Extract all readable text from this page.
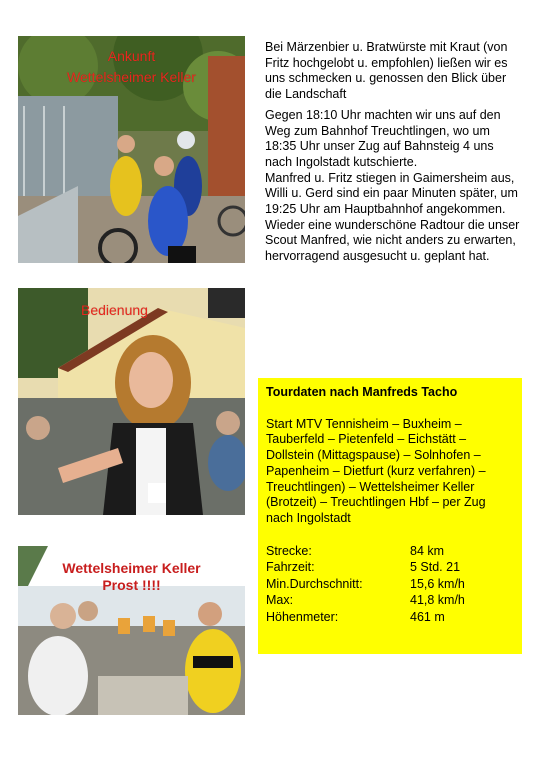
Ankunft
Wettelsheimer Keller
Bedienung
Wettelsheimer Keller
Prost !!!!

Bei Märzenbier u. Bratwürste mit Kraut (von Fritz hochgelobt u. empfohlen) ließen wir es uns schmecken u. genossen den Blick über die Landschaft

Gegen 18:10 Uhr machten wir uns auf den Weg zum Bahnhof Treuchtlingen, wo um 18:35 Uhr unser Zug auf Bahnsteig 4 uns nach Ingolstadt kutschierte.

Manfred u. Fritz stiegen in Gaimersheim aus, Willi u. Gerd sind ein paar Minuten später, um 19:25 Uhr am Hauptbahnhof angekommen.

Wieder eine wunderschöne Radtour die unser Scout Manfred, wie nicht anders zu erwarten, hervorragend ausgesucht u. geplant hat.

Tourdaten nach Manfreds Tacho
Start MTV Tennisheim – Buxheim – Tauberfeld – Pietenfeld – Eichstätt – Dollstein (Mittagspause) – Solnhofen – Papenheim – Dietfurt (kurz verfahren) – Treuchtlingen) – Wettelsheimer Keller (Brotzeit) – Treuchtlingen Hbf – per Zug nach Ingolstadt
Strecke:	84 km
Fahrzeit:	5 Std. 21
Min.Durchschnitt:	15,6 km/h
Max:	41,8 km/h
Höhenmeter:	461 m
